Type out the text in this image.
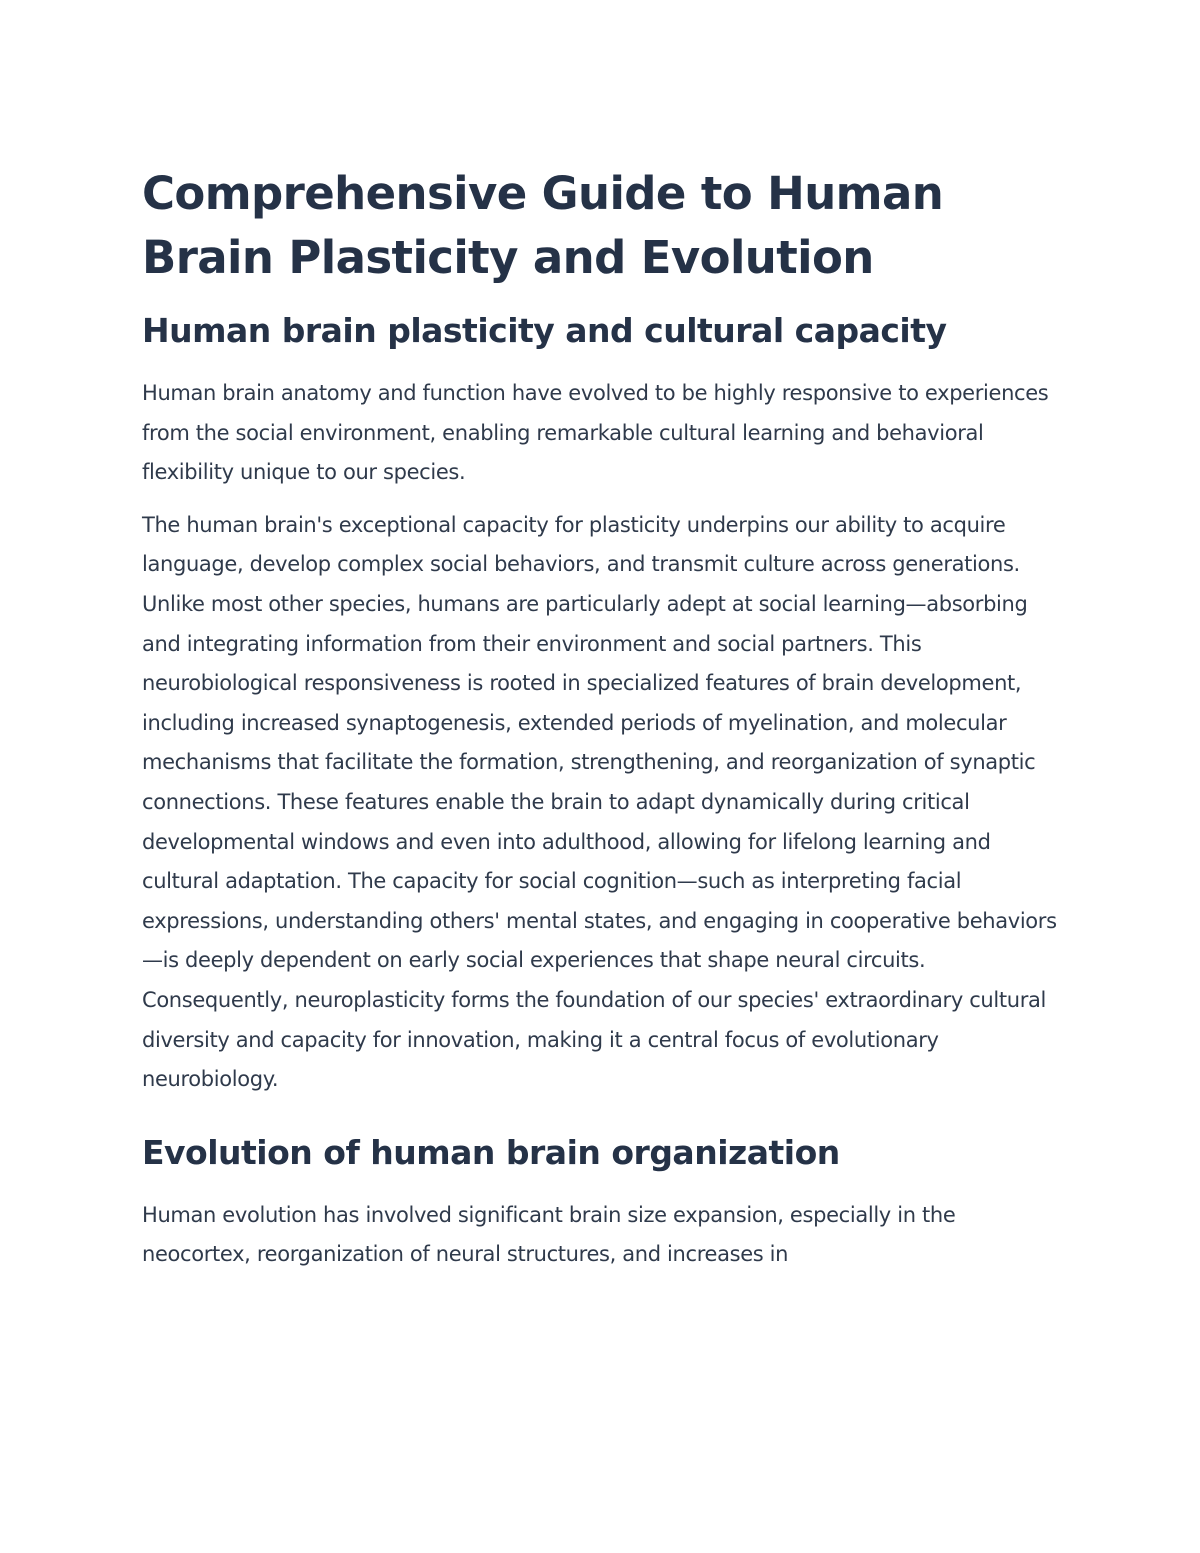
Comprehensive Guide to Human Brain Plasticity and Evolution
Human brain plasticity and cultural capacity

Human brain anatomy and function have evolved to be highly responsive to experiences from the social environment, enabling remarkable cultural learning and behavioral flexibility unique to our species.

The human brain's exceptional capacity for plasticity underpins our ability to acquire language, develop complex social behaviors, and transmit culture across generations. Unlike most other species, humans are particularly adept at social learning—absorbing and integrating information from their environment and social partners. This neurobiological responsiveness is rooted in specialized features of brain development, including increased synaptogenesis, extended periods of myelination, and molecular mechanisms that facilitate the formation, strengthening, and reorganization of synaptic connections. These features enable the brain to adapt dynamically during critical developmental windows and even into adulthood, allowing for lifelong learning and cultural adaptation. The capacity for social cognition—such as interpreting facial expressions, understanding others' mental states, and engaging in cooperative behaviors—is deeply dependent on early social experiences that shape neural circuits. Consequently, neuroplasticity forms the foundation of our species' extraordinary cultural diversity and capacity for innovation, making it a central focus of evolutionary neurobiology.

Evolution of human brain organization

Human evolution has involved significant brain size expansion, especially in the neocortex, reorganization of neural structures, and increases in
